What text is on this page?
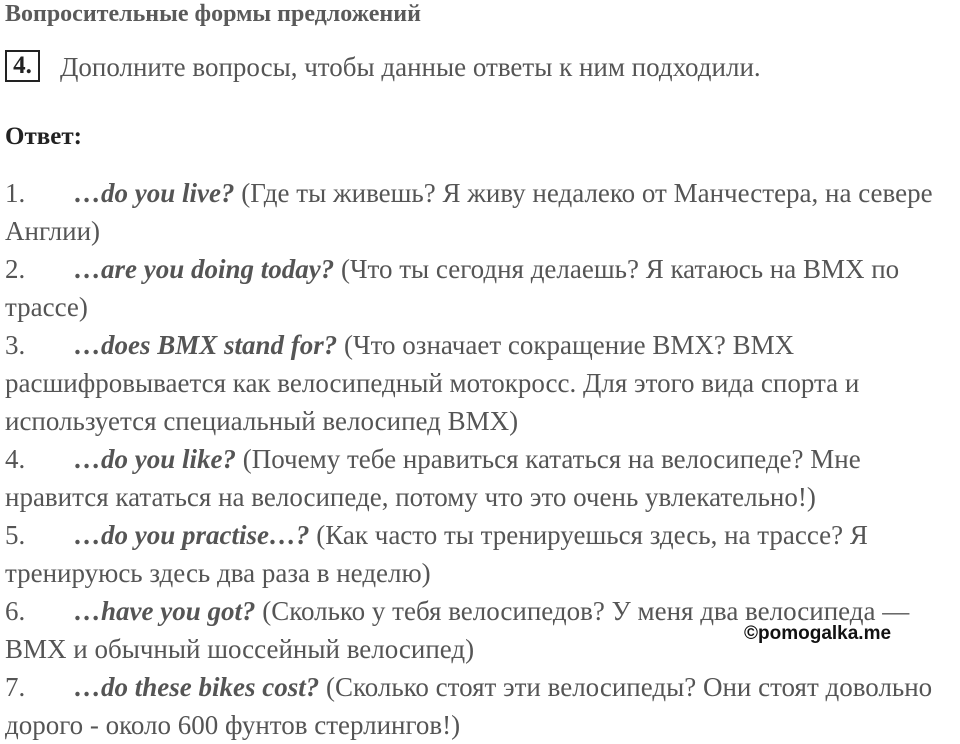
Вопросительные формы предложений
4.	Дополните вопросы, чтобы данные ответы к ним подходили.
Ответ:

1. …do you live? (Где ты живешь? Я живу недалеко от Манчестера, на севере Англии)

2. …are you doing today? (Что ты сегодня делаешь? Я катаюсь на BMX по трассе)

3. …does BMX stand for? (Что означает сокращение BMX? BMX расшифровывается как велосипедный мотокросс. Для этого вида спорта и используется специальный велосипед BMX)

4. …do you like? (Почему тебе нравиться кататься на велосипеде? Мне нравится кататься на велосипеде, потому что это очень увлекательно!)

5. …do you practise…? (Как часто ты тренируешься здесь, на трассе? Я тренируюсь здесь два раза в неделю)

6. …have you got? (Сколько у тебя велосипедов? У меня два велосипеда —BMX и обычный шоссейный велосипед)

7. …do these bikes cost? (Сколько стоят эти велосипеды? Они стоят довольно дорого - около 600 фунтов стерлингов!)

©pomogalka.me
